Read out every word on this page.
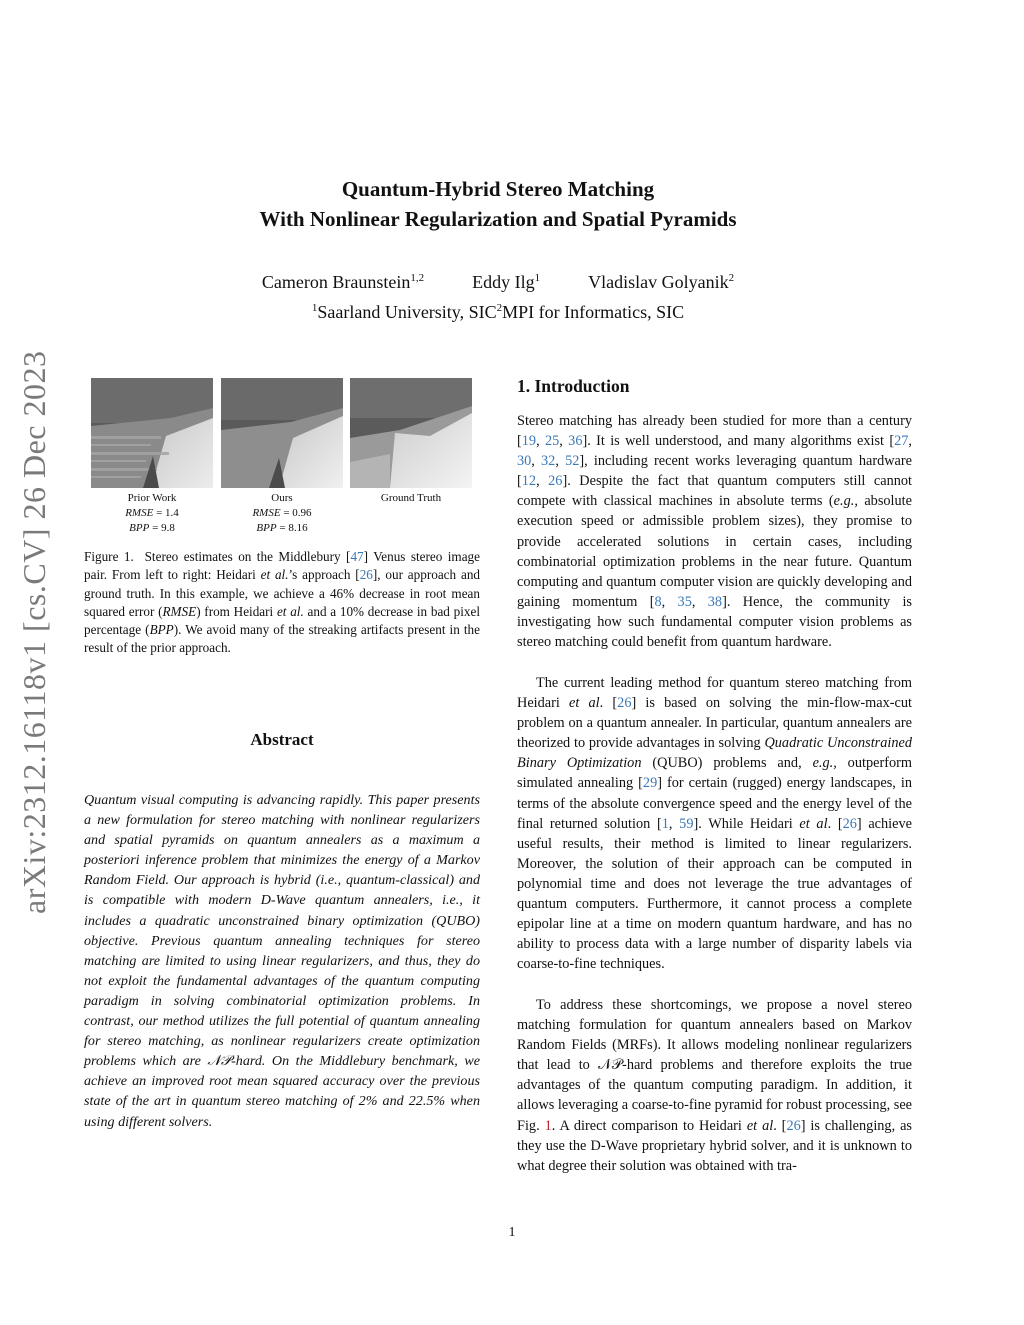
arXiv:2312.16118v1 [cs.CV] 26 Dec 2023
Quantum-Hybrid Stereo Matching
With Nonlinear Regularization and Spatial Pyramids
Cameron Braunstein$^{1,2}$	Eddy Ilg$^1$	Vladislav Golyanik$^2$
$^1$Saarland University, SIC$^2$MPI for Informatics, SIC
Prior Work
RMSE = 1.4
BPP = 9.8
Ours
RMSE = 0.96
BPP = 8.16
Ground Truth
Figure 1.  Stereo estimates on the Middlebury [47] Venus stereo image pair. From left to right: Heidari et al.’s approach [26], our approach and ground truth. In this example, we achieve a 46% decrease in root mean squared error (RMSE) from Heidari et al. and a 10% decrease in bad pixel percentage (BPP). We avoid many of the streaking artifacts present in the result of the prior approach.
Abstract
Quantum visual computing is advancing rapidly. This paper presents a new formulation for stereo matching with nonlinear regularizers and spatial pyramids on quantum annealers as a maximum a posteriori inference problem that minimizes the energy of a Markov Random Field. Our approach is hybrid (i.e., quantum-classical) and is compatible with modern D-Wave quantum annealers, i.e., it includes a quadratic unconstrained binary optimization (QUBO) objective. Previous quantum annealing techniques for stereo matching are limited to using linear regularizers, and thus, they do not exploit the fundamental advantages of the quantum computing paradigm in solving combinatorial optimization problems. In contrast, our method utilizes the full potential of quantum annealing for stereo matching, as nonlinear regularizers create optimization problems which are 𝒩𝒫-hard. On the Middlebury benchmark, we achieve an improved root mean squared accuracy over the previous state of the art in quantum stereo matching of 2% and 22.5% when using different solvers.
1. Introduction
Stereo matching has already been studied for more than a century [19, 25, 36]. It is well understood, and many algorithms exist [27, 30, 32, 52], including recent works leveraging quantum hardware [12, 26]. Despite the fact that quantum computers still cannot compete with classical machines in absolute terms (e.g., absolute execution speed or admissible problem sizes), they promise to provide accelerated solutions in certain cases, including combinatorial optimization problems in the near future. Quantum computing and quantum computer vision are quickly developing and gaining momentum [8, 35, 38]. Hence, the community is investigating how such fundamental computer vision problems as stereo matching could benefit from quantum hardware.
The current leading method for quantum stereo matching from Heidari et al. [26] is based on solving the min-flow-max-cut problem on a quantum annealer. In particular, quantum annealers are theorized to provide advantages in solving Quadratic Unconstrained Binary Optimization (QUBO) problems and, e.g., outperform simulated annealing [29] for certain (rugged) energy landscapes, in terms of the absolute convergence speed and the energy level of the final returned solution [1, 59]. While Heidari et al. [26] achieve useful results, their method is limited to linear regularizers. Moreover, the solution of their approach can be computed in polynomial time and does not leverage the true advantages of quantum computers. Furthermore, it cannot process a complete epipolar line at a time on modern quantum hardware, and has no ability to process data with a large number of disparity labels via coarse-to-fine techniques.
To address these shortcomings, we propose a novel stereo matching formulation for quantum annealers based on Markov Random Fields (MRFs). It allows modeling nonlinear regularizers that lead to 𝒩𝒫-hard problems and therefore exploits the true advantages of the quantum computing paradigm. In addition, it allows leveraging a coarse-to-fine pyramid for robust processing, see Fig. 1. A direct comparison to Heidari et al. [26] is challenging, as they use the D-Wave proprietary hybrid solver, and it is unknown to what degree their solution was obtained with tra-
1
